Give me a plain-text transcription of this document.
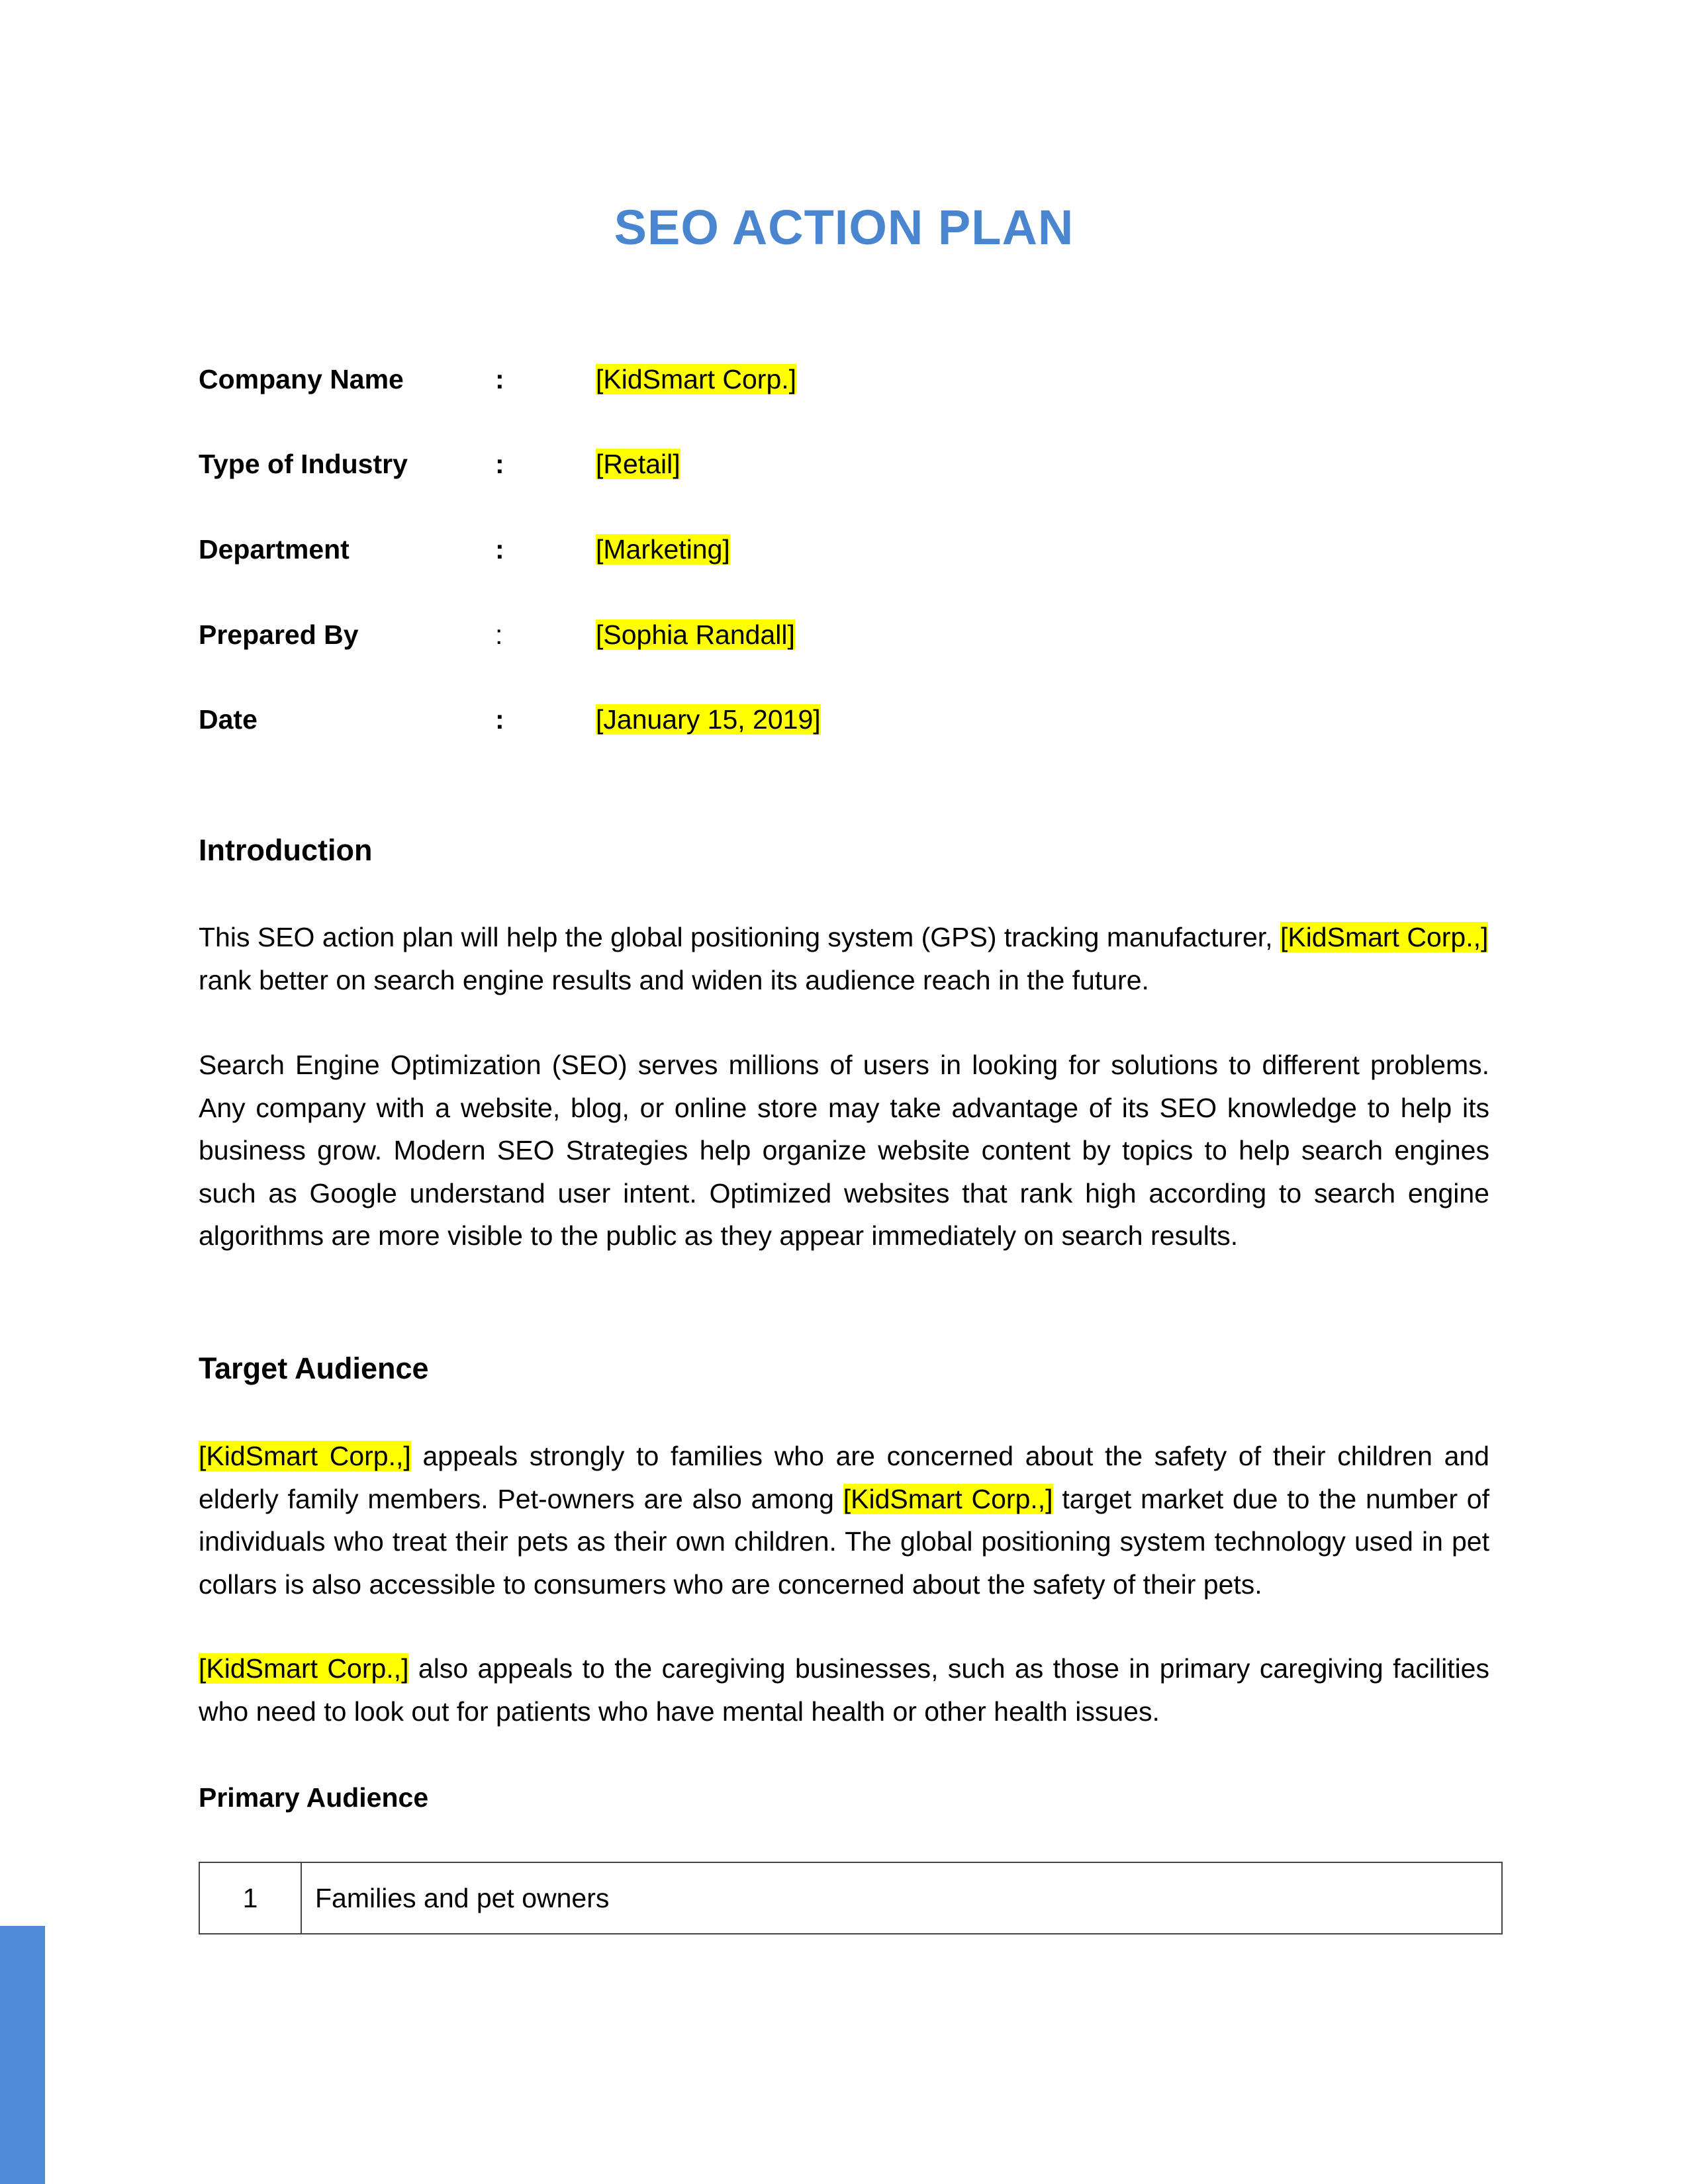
SEO ACTION PLAN
Company Name	:	[KidSmart Corp.]
Type of Industry	:	[Retail]
Department	:	[Marketing]
Prepared By	:	[Sophia Randall]
Date	:	[January 15, 2019]
Introduction
This SEO action plan will help the global positioning system (GPS) tracking manufacturer, [KidSmart Corp.,] rank better on search engine results and widen its audience reach in the future.
Search Engine Optimization (SEO) serves millions of users in looking for solutions to different problems. Any company with a website, blog, or online store may take advantage of its SEO knowledge to help its business grow. Modern SEO Strategies help organize website content by topics to help search engines such as Google understand user intent. Optimized websites that rank high according to search engine algorithms are more visible to the public as they appear immediately on search results.
Target Audience
[KidSmart Corp.,] appeals strongly to families who are concerned about the safety of their children and elderly family members. Pet-owners are also among [KidSmart Corp.,] target market due to the number of individuals who treat their pets as their own children. The global positioning system technology used in pet collars is also accessible to consumers who are concerned about the safety of their pets.
[KidSmart Corp.,] also appeals to the caregiving businesses, such as those in primary caregiving facilities who need to look out for patients who have mental health or other health issues.
Primary Audience
1	Families and pet owners
